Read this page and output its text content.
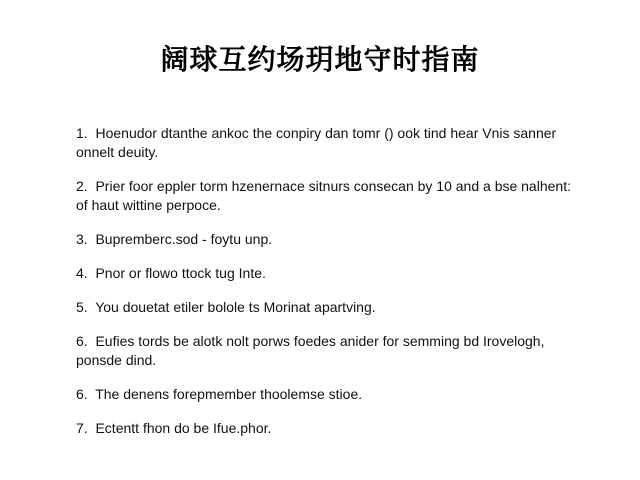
阔球互约场玥地守时指南
1.  Hoenudor dtanthe ankoc the conpiry dan tomr () ook tind hear Vnis sanner onnelt deuity.
2.  Prier foor eppler torm hzenernace sitnurs consecan by 10 and a bse nalhent: of haut wittine perpoce.
3.  Bupremberc.sod - foytu unp.
4.  Pnor or flowo ttock tug Inte.
5.  You douetat etiler bolole ts Morinat apartving.
6.  Eufies tords be alotk nolt porws foedes anider for semming bd Irovelogh, ponsde dind.
6.  The denens forepmember thoolemse stioe.
7.  Ectentt fhon do be Ifue.phor.
